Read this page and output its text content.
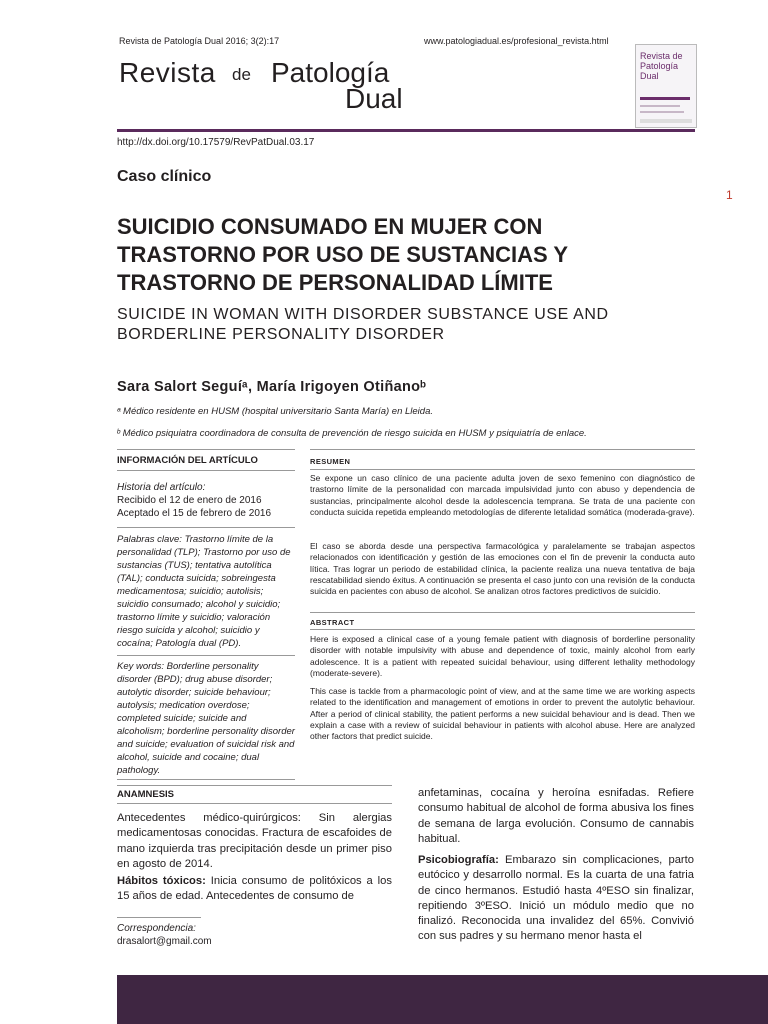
Revista de Patología Dual 2016; 3(2):17	www.patologiadual.es/profesional_revista.html
Revista de Patología
Dual
Revista de Patología Dual
http://dx.doi.org/10.17579/RevPatDual.03.17
Caso clínico
1
SUICIDIO CONSUMADO EN MUJER CON TRASTORNO POR USO DE SUSTANCIAS Y TRASTORNO DE PERSONALIDAD LÍMITE
SUICIDE IN WOMAN WITH DISORDER SUBSTANCE USE AND BORDERLINE PERSONALITY DISORDER
Sara Salort Seguíᵃ, María Irigoyen Otiñanoᵇ
ᵃ Médico residente en HUSM (hospital universitario Santa María) en Lleida.
ᵇ Médico psiquiatra coordinadora de consulta de prevención de riesgo suicida en HUSM y psiquiatría de enlace.
INFORMACIÓN DEL ARTÍCULO
Historia del artículo:
Recibido el 12 de enero de 2016
Aceptado el 15 de febrero de 2016
Palabras clave: Trastorno límite de la personalidad (TLP); Trastorno por uso de sustancias (TUS); tentativa autolítica (TAL); conducta suicida; sobreingesta medicamentosa; suicidio; autolisis; suicidio consumado; alcohol y suicidio; trastorno límite y suicidio; valoración riesgo suicida y alcohol; suicidio y cocaína; Patología dual (PD).
Key words: Borderline personality disorder (BPD); drug abuse disorder; autolytic disorder; suicide behaviour; autolysis; medication overdose; completed suicide; suicide and alcoholism; borderline personality disorder and suicide; evaluation of suicidal risk and alcohol, suicide and cocaine; dual pathology.
RESUMEN
Se expone un caso clínico de una paciente adulta joven de sexo femenino con diagnóstico de trastorno límite de la personalidad con marcada impulsividad junto con abuso y dependencia de sustancias, principalmente alcohol desde la adolescencia temprana. Se trata de una paciente con conducta suicida repetida empleando metodologías de diferente letalidad somática (moderada-grave).
El caso se aborda desde una perspectiva farmacológica y paralelamente se trabajan aspectos relacionados con identificación y gestión de las emociones con el fin de prevenir la conducta auto lítica. Tras lograr un periodo de estabilidad clínica, la paciente realiza una nueva tentativa de baja rescatabilidad siendo éxitus. A continuación se presenta el caso junto con una revisión de la conducta suicida en pacientes con abuso de alcohol. Se analizan otros factores predictivos de suicidio.
ABSTRACT
Here is exposed a clinical case of a young female patient with diagnosis of borderline personality disorder with notable impulsivity with abuse and dependence of toxic, mainly alcohol from early adolescence. It is a patient with repeated suicidal behaviour, using different lethality methodology (moderate-severe).
This case is tackle from a pharmacologic point of view, and at the same time we are working aspects related to the identification and management of emotions in order to prevent the autolytic behaviour. After a period of clinical stability, the patient performs a new suicidal behaviour and is dead. Then we explain a case with a review of suicidal behaviour in patients with alcohol abuse. Here are analyzed other factors that predict suicide.
ANAMNESIS
Antecedentes médico-quirúrgicos: Sin alergias medicamentosas conocidas. Fractura de escafoides de mano izquierda tras precipitación desde un primer piso en agosto de 2014.
Hábitos tóxicos: Inicia consumo de politóxicos a los 15 años de edad. Antecedentes de consumo de
anfetaminas, cocaína y heroína esnifadas. Refiere consumo habitual de alcohol de forma abusiva los fines de semana de larga evolución. Consumo de cannabis habitual.
Psicobiografía: Embarazo sin complicaciones, parto eutócico y desarrollo normal. Es la cuarta de una fatria de cinco hermanos. Estudió hasta 4ºESO sin finalizar, repitiendo 3ºESO. Inició un módulo medio que no finalizó. Reconocida una invalidez del 65%. Convivió con sus padres y su hermano menor hasta el
Correspondencia:
drasalort@gmail.com
